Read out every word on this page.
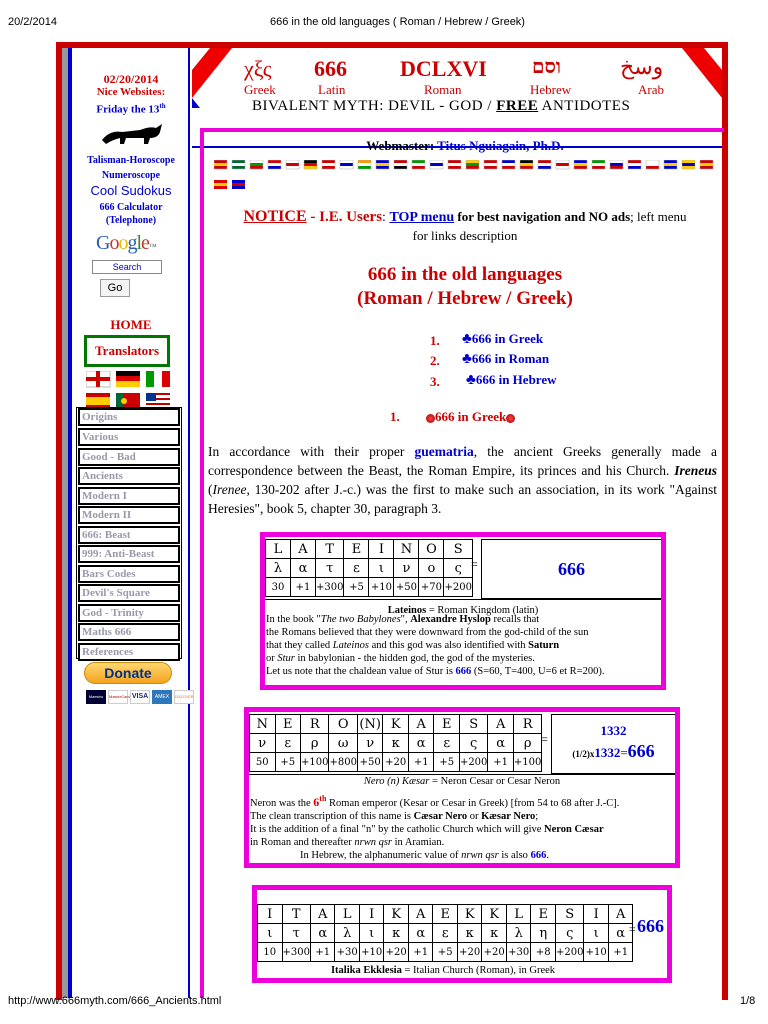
20/2/2014	666 in the old languages ( Roman / Hebrew / Greek)
χξς
Greek
666
Latin
DCLXVI
Roman
וסם
Hebrew
وسخ
Arab
BIVALENT MYTH: DEVIL - GOD / FREE ANTIDOTES
02/20/2014
Nice Websites:
Friday the 13th
Talisman-Horoscope
Numeroscope
Cool Sudokus
666 Calculator
(Telephone)
Google™
Search
Go
HOME
Translators
Origins
Various
Good - Bad
Ancients
Modern I
Modern II
666: Beast
999: Anti-Beast
Bars Codes
Devil's Square
God - Trinity
Maths 666
References
Donate
Maestro	MasterCard VISA	AMEX	DISCOVER
Webmaster: Titus Nguiagain, Ph.D.
NOTICE - I.E. Users: TOP menu for best navigation and NO ads; left menu
for links description
666 in the old languages
(Roman / Hebrew / Greek)
1. ♣666 in Greek
2. ♣666 in Roman
3. ♣666 in Hebrew
1.	666 in Greek
In accordance with their proper guematria, the ancient Greeks generally made a correspondence between the Beast, the Roman Empire, its princes and his Church. Ireneus (Irenee, 130-202 after J.-c.) was the first to make such an association, in its work "Against Heresies", book 5, chapter 30, paragraph 3.
L	A	T	E	I	N	O	S
λ	α	τ	ε	ι	ν	ο	ς
30	+1	+300	+5	+10	+50	+70	+200
=	666
Lateinos = Roman Kingdom (latin)
In the book "The two Babylones", Alexandre Hyslop recalls that
the Romans believed that they were downward from the god-child of the sun
that they called Lateinos and this god was also identified with Saturn
or Stur in babylonian - the hidden god, the god of the mysteries.
Let us note that the chaldean value of Stur is 666 (S=60, T=400, U=6 et R=200).
N	E	R	O	(N)	K	A	E	S	A	R
ν	ε	ρ	ω	ν	κ	α	ε	ς	α	ρ
50	+5	+100	+800	+50	+20	+1	+5	+200	+1	+100
=
1332
(1/2)x1332=666
Nero (n) Kæsar = Neron Cesar or Cesar Neron
Neron was the 6th Roman emperor (Kesar or Cesar in Greek) [from 54 to 68 after J.-C].
The clean transcription of this name is Cæsar Nero or Kæsar Nero;
It is the addition of a final "n" by the catholic Church which will give Neron Cæsar
in Roman and thereafter nrwn qsr in Aramian.
In Hebrew, the alphanumeric value of nrwn qsr is also 666.
I	T	A	L	I	K	A	E	K	K	L	E	S	I	A
ι	τ	α	λ	ι	κ	α	ε	κ	κ	λ	η	ς	ι	α
10	+300	+1	+30	+10	+20	+1	+5	+20	+20	+30	+8	+200	+10	+1
= 666
Italika Ekklesia = Italian Church (Roman), in Greek
http://www.666myth.com/666_Ancients.html	1/8
